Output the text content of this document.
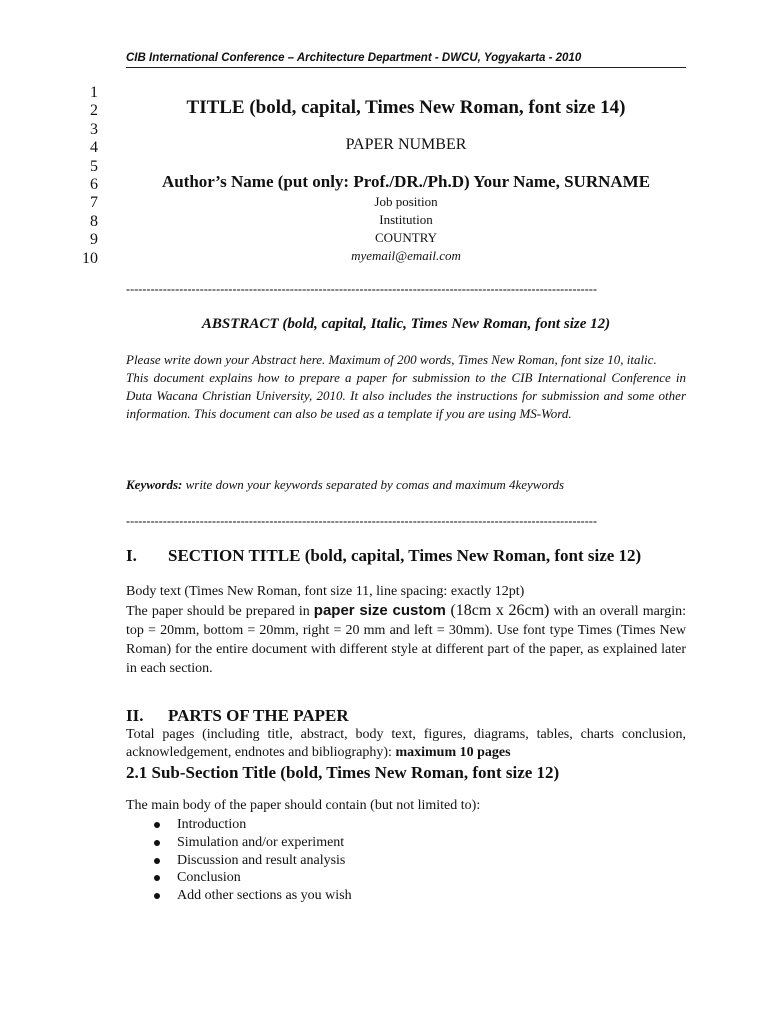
CIB International Conference – Architecture Department - DWCU, Yogyakarta - 2010
1
2
3
4
5
6
7
8
9
10
TITLE (bold, capital, Times New Roman, font size 14)
PAPER NUMBER
Author’s Name (put only: Prof./DR./Ph.D) Your Name, SURNAME
Job position
Institution
COUNTRY
myemail@email.com
-------------------------------------------------------------------------------------------------------------------
ABSTRACT (bold, capital, Italic, Times New Roman, font size 12)
Please write down your Abstract here. Maximum of 200 words, Times New Roman, font size 10, italic.
This document explains how to prepare a paper for submission to the CIB International Conference in Duta Wacana Christian University, 2010. It also includes the instructions for submission and some other information. This document can also be used as a template if you are using MS-Word.
Keywords: write down your keywords separated by comas and maximum 4keywords
-------------------------------------------------------------------------------------------------------------------
I. SECTION TITLE (bold, capital, Times New Roman, font size 12)
Body text (Times New Roman, font size 11, line spacing: exactly 12pt)
The paper should be prepared in paper size custom (18cm x 26cm) with an overall margin: top = 20mm, bottom = 20mm, right = 20 mm and left = 30mm). Use font type Times (Times New Roman) for the entire document with different style at different part of the paper, as explained later in each section.
II. PARTS OF THE PAPER
Total pages (including title, abstract, body text, figures, diagrams, tables, charts conclusion, acknowledgement, endnotes and bibliography): maximum 10 pages
2.1 Sub-Section Title (bold, Times New Roman, font size 12)
The main body of the paper should contain (but not limited to):
Introduction
Simulation and/or experiment
Discussion and result analysis
Conclusion
Add other sections as you wish
